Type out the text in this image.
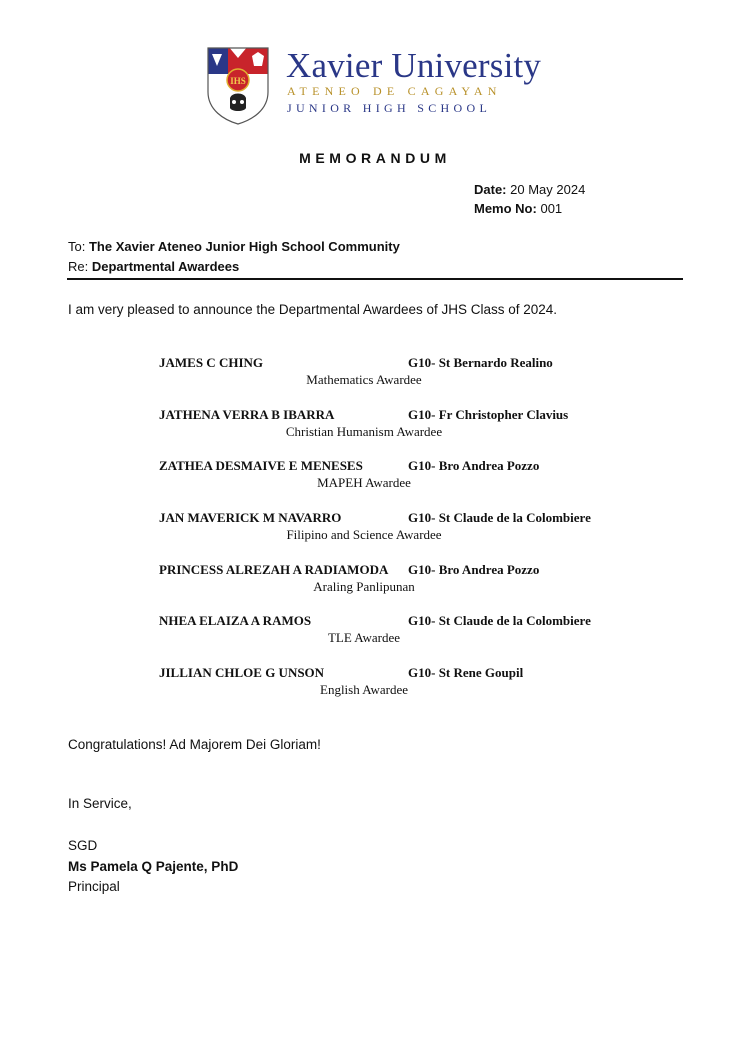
IHS Xavier University
ATENEO DE CAGAYAN
JUNIOR HIGH SCHOOL
MEMORANDUM
Date: 20 May 2024
Memo No: 001
To: The Xavier Ateneo Junior High School Community
Re: Departmental Awardees
I am very pleased to announce the Departmental Awardees of JHS Class of 2024.
JAMES C CHING	G10- St Bernardo Realino
Mathematics Awardee
JATHENA VERRA B IBARRA	G10- Fr Christopher Clavius
Christian Humanism Awardee
ZATHEA DESMAIVE E MENESES	G10- Bro Andrea Pozzo
MAPEH Awardee
JAN MAVERICK M NAVARRO	G10- St Claude de la Colombiere
Filipino and Science Awardee
PRINCESS ALREZAH A RADIAMODA G10- Bro Andrea Pozzo
Araling Panlipunan
NHEA ELAIZA A RAMOS	G10- St Claude de la Colombiere
TLE Awardee
JILLIAN CHLOE G UNSON	G10- St Rene Goupil
English Awardee
Congratulations! Ad Majorem Dei Gloriam!
In Service,
SGD
Ms Pamela Q Pajente, PhD
Principal
